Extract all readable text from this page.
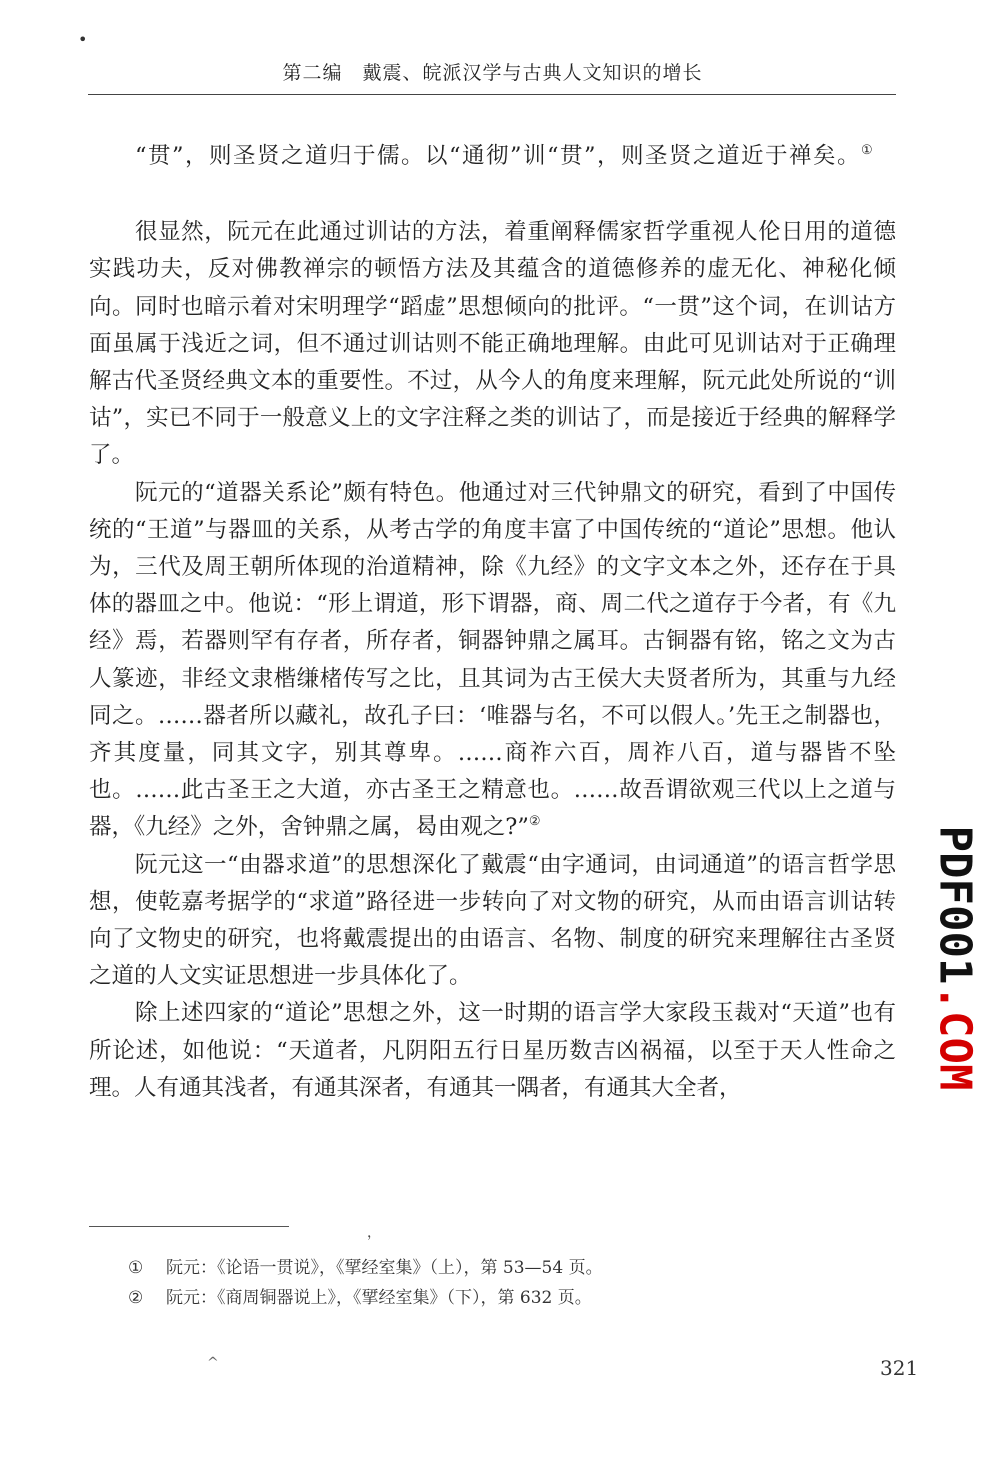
•
第二编　戴震、皖派汉学与古典人文知识的增长

“贯”，则圣贤之道归于儒。以“通彻”训“贯”，则圣贤之道近于禅矣。①

很显然，阮元在此通过训诂的方法，着重阐释儒家哲学重视人伦日用的道德实践功夫，反对佛教禅宗的顿悟方法及其蕴含的道德修养的虚无化、神秘化倾向。同时也暗示着对宋明理学“蹈虚”思想倾向的批评。“一贯”这个词，在训诂方面虽属于浅近之词，但不通过训诂则不能正确地理解。由此可见训诂对于正确理解古代圣贤经典文本的重要性。不过，从今人的角度来理解，阮元此处所说的“训诂”，实已不同于一般意义上的文字注释之类的训诂了，而是接近于经典的解释学了。

阮元的“道器关系论”颇有特色。他通过对三代钟鼎文的研究，看到了中国传统的“王道”与器皿的关系，从考古学的角度丰富了中国传统的“道论”思想。他认为，三代及周王朝所体现的治道精神，除《九经》的文字文本之外，还存在于具体的器皿之中。他说：“形上谓道，形下谓器，商、周二代之道存于今者，有《九经》焉，若器则罕有存者，所存者，铜器钟鼎之属耳。古铜器有铭，铭之文为古人篆迹，非经文隶楷缣楮传写之比，且其词为古王侯大夫贤者所为，其重与九经同之。……器者所以藏礼，故孔子曰：‘唯器与名，不可以假人。’先王之制器也，齐其度量，同其文字，别其尊卑。……商祚六百，周祚八百，道与器皆不坠也。……此古圣王之大道，亦古圣王之精意也。……故吾谓欲观三代以上之道与器，《九经》之外，舍钟鼎之属，曷由观之?”②

阮元这一“由器求道”的思想深化了戴震“由字通词，由词通道”的语言哲学思想，使乾嘉考据学的“求道”路径进一步转向了对文物的研究，从而由语言训诂转向了文物史的研究，也将戴震提出的由语言、名物、制度的研究来理解往古圣贤之道的人文实证思想进一步具体化了。

除上述四家的“道论”思想之外，这一时期的语言学大家段玉裁对“天道”也有所论述，如他说：“天道者，凡阴阳五行日星历数吉凶祸福，以至于天人性命之理。人有通其浅者，有通其深者，有通其一隅者，有通其大全者，

，
① 阮元：《论语一贯说》，《揅经室集》（上），第 53—54 页。
② 阮元：《商周铜器说上》，《揅经室集》（下），第 632 页。
^	321
PDF001.COM
